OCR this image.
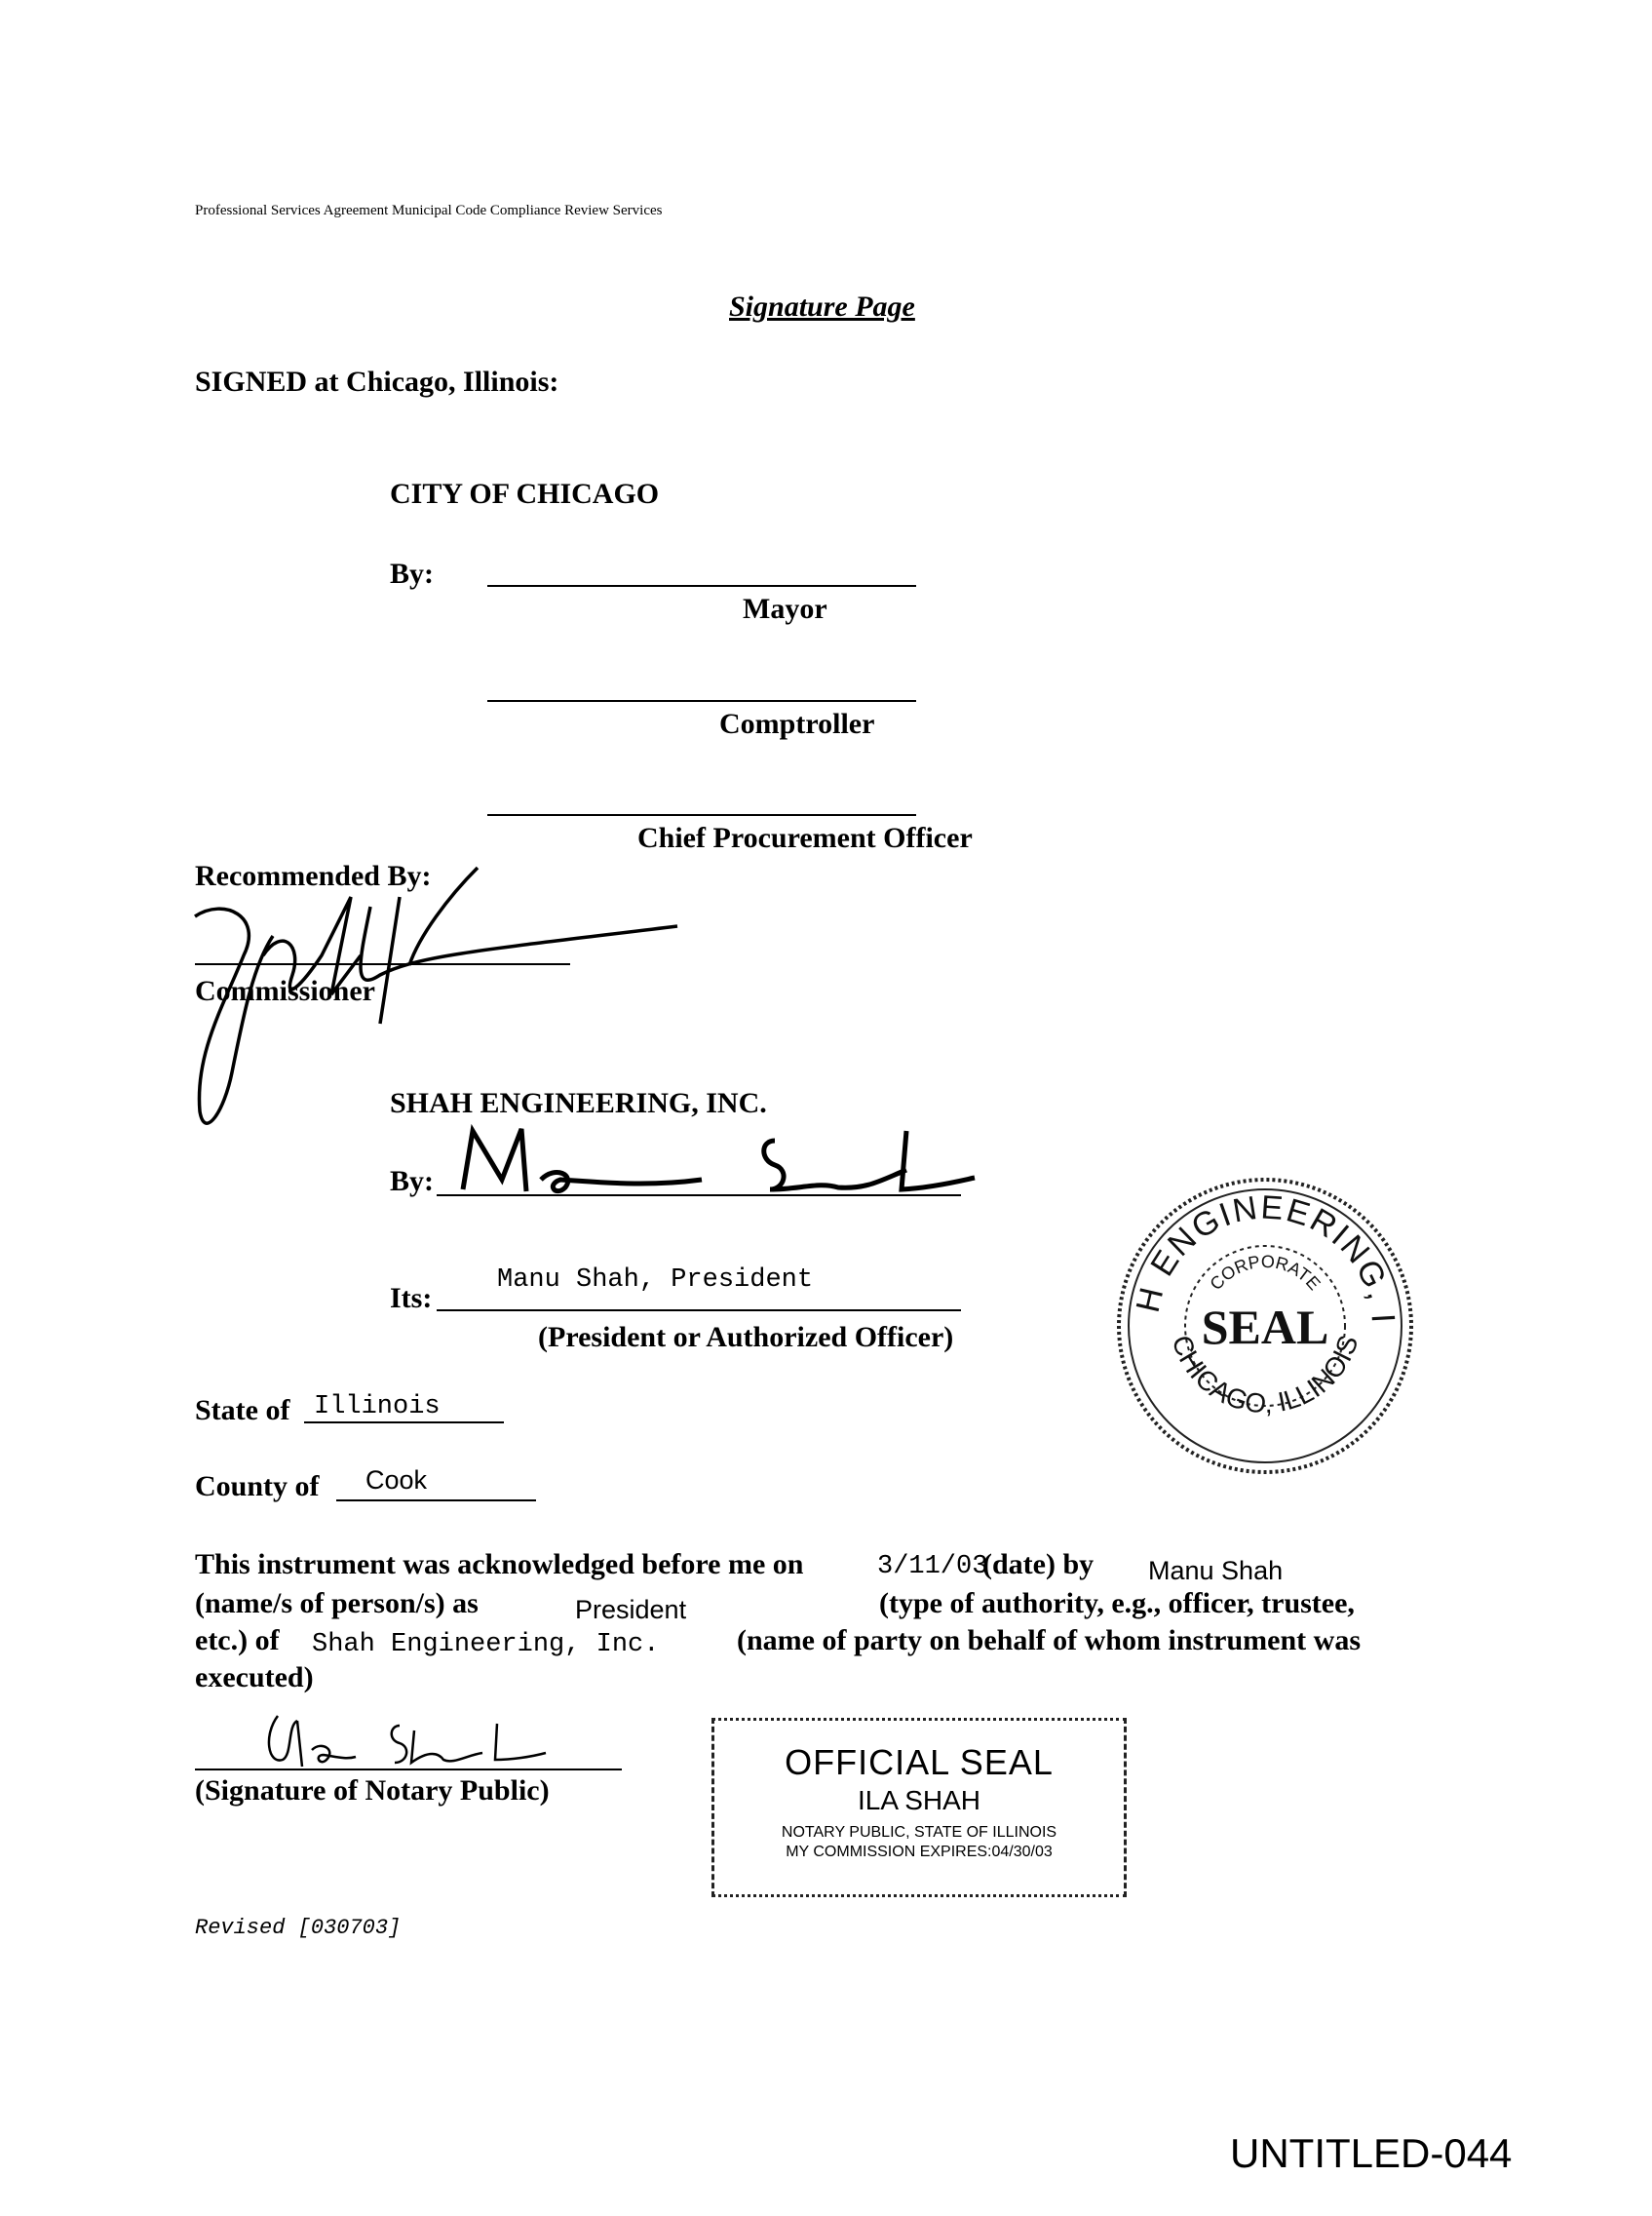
Professional Services Agreement Municipal Code Compliance Review Services
Signature Page
SIGNED at Chicago, Illinois:
CITY OF CHICAGO
By:
Mayor
Comptroller
Chief Procurement Officer
Recommended By:
Commissioner
SHAH ENGINEERING, INC.
By:
Its:
Manu Shah, President
(President or Authorized Officer)
SHAH ENGINEERING, INC.
CORPORATE
SEAL
CHICAGO, ILLINOIS
State of Illinois
County of Cook
This instrument was acknowledged before me on	3/11/03
(date) by Manu Shah
(name/s of person/s) as	President	(type of authority, e.g., officer, trustee,
etc.) of Shah Engineering, Inc.	(name of party on behalf of whom instrument was
executed)
(Signature of Notary Public)
OFFICIAL SEAL
ILA SHAH
NOTARY PUBLIC, STATE OF ILLINOIS
MY COMMISSION EXPIRES:04/30/03
Revised [030703]
UNTITLED-044
